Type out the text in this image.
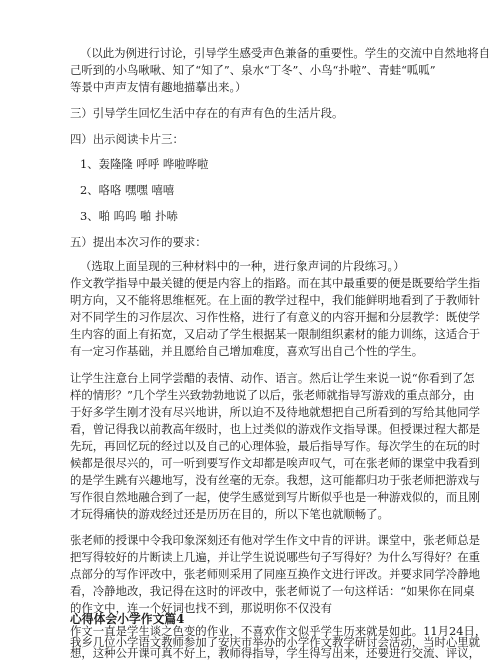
（以此为例进行讨论，引导学生感受声色兼备的重要性。学生的交流中自然地将自
己听到的小鸟啾啾、知了“知了”、泉水“丁冬”、小鸟“扑啦”、青蛙“呱呱”
等景中声声友情有趣地描摹出来。）
三）引导学生回忆生活中存在的有声有色的生活片段。
四）出示阅读卡片三：
1、轰隆隆 呼呼 哗啦哗啦
2、咯咯 嘿嘿 嘻嘻
3、啪 呜呜 啪 扑哧
五）提出本次习作的要求：
（选取上面呈现的三种材料中的一种，进行象声词的片段练习。）
作文教学指导中最关键的便是内容上的指路。而在其中最重要的便是既要给学生指
明方向，又不能将思维框死。在上面的教学过程中，我们能鲜明地看到了于教师针
对不同学生的习作层次、习作性格，进行了有意义的内容开掘和分层教学：既使学
生内容的面上有拓宽，又启动了学生根据某一限制组织素材的能力训练，这适合于
有一定习作基础，并且愿给自己增加难度，喜欢写出自己个性的学生。
让学生注意台上同学尝醋的表情、动作、语言。然后让学生来说一说“你看到了怎
样的情形？”几个学生兴致勃勃地说了以后，张老师就指导写游戏的重点部分，由
于好多学生刚才没有尽兴地讲，所以迫不及待地就想把自己所看到的写给其他同学
看，曾记得我以前教高年级时，也上过类似的游戏作文指导课。但授课过程大都是
先玩，再回忆玩的经过以及自己的心理体验，最后指导写作。每次学生的在玩的时
候都是很尽兴的，可一听到要写作文却都是唉声叹气，可在张老师的课堂中我看到
的是学生跳有兴趣地写，没有丝毫的无奈。我想，这可能都归功于张老师把游戏与
写作很自然地融合到了一起，使学生感觉到写片断似乎也是一种游戏似的，而且刚
才玩得痛快的游戏经过还是历历在目的，所以下笔也就顺畅了。
张老师的授课中令我印象深刻还有他对学生作文中肯的评讲。课堂中，张老师总是
把写得较好的片断读上几遍，并让学生说说哪些句子写得好？为什么写得好？在重
点部分的写作评改中，张老师则采用了同座互换作文进行评改。并要求同学冷静地
看，冷静地改，我记得在这时的评改中，张老师说了一句这样话：“如果你在同桌
的作文中，连一个好词也找不到，那说明你不仅没有
心得体会小学作文篇4
作文一直是学生谈之色变的作业，不喜欢作文似乎学生历来就是如此。11月24日，
我乡几位小学语文教师参加了安庆市举办的小学作文教学研讨会活动，当时心里就
想，这种公开课可真不好上，教师得指导，学生得写出来，还要进行交流、评议，
